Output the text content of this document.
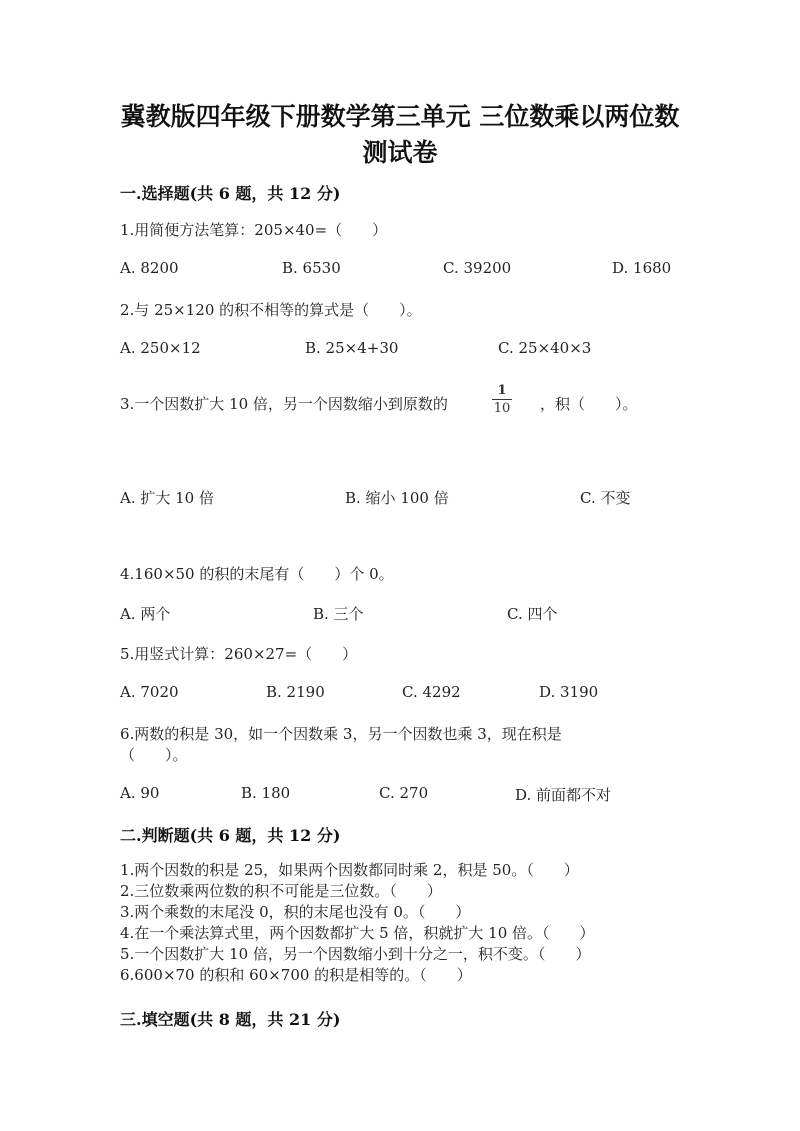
冀教版四年级下册数学第三单元 三位数乘以两位数
测试卷
一.选择题(共 6 题，共 12 分)
1.用简便方法笔算：205×40=（　　）
A. 8200	B. 6530	C. 39200	D. 1680
2.与 25×120 的积不相等的算式是（　　）。
A. 250×12	B. 25×4+30	C. 25×40×3
3.一个因数扩大 10 倍，另一个因数缩小到原数的
1
10 ，积（　　）。
A. 扩大 10 倍	B. 缩小 100 倍	C. 不变
4.160×50 的积的末尾有（　　）个 0。
A. 两个	B. 三个	C. 四个
5.用竖式计算：260×27=（　　）
A. 7020	B. 2190	C. 4292	D. 3190
6.两数的积是 30，如一个因数乘 3，另一个因数也乘 3，现在积是
（　　）。
A. 90	B. 180	C. 270	D. 前面都不对
二.判断题(共 6 题，共 12 分)
1.两个因数的积是 25，如果两个因数都同时乘 2，积是 50。（　　）
2.三位数乘两位数的积不可能是三位数。（　　）
3.两个乘数的末尾没 0，积的末尾也没有 0。（　　）
4.在一个乘法算式里，两个因数都扩大 5 倍，积就扩大 10 倍。（　　）
5.一个因数扩大 10 倍，另一个因数缩小到十分之一，积不变。（　　）
6.600×70 的积和 60×700 的积是相等的。（　　）
三.填空题(共 8 题，共 21 分)
